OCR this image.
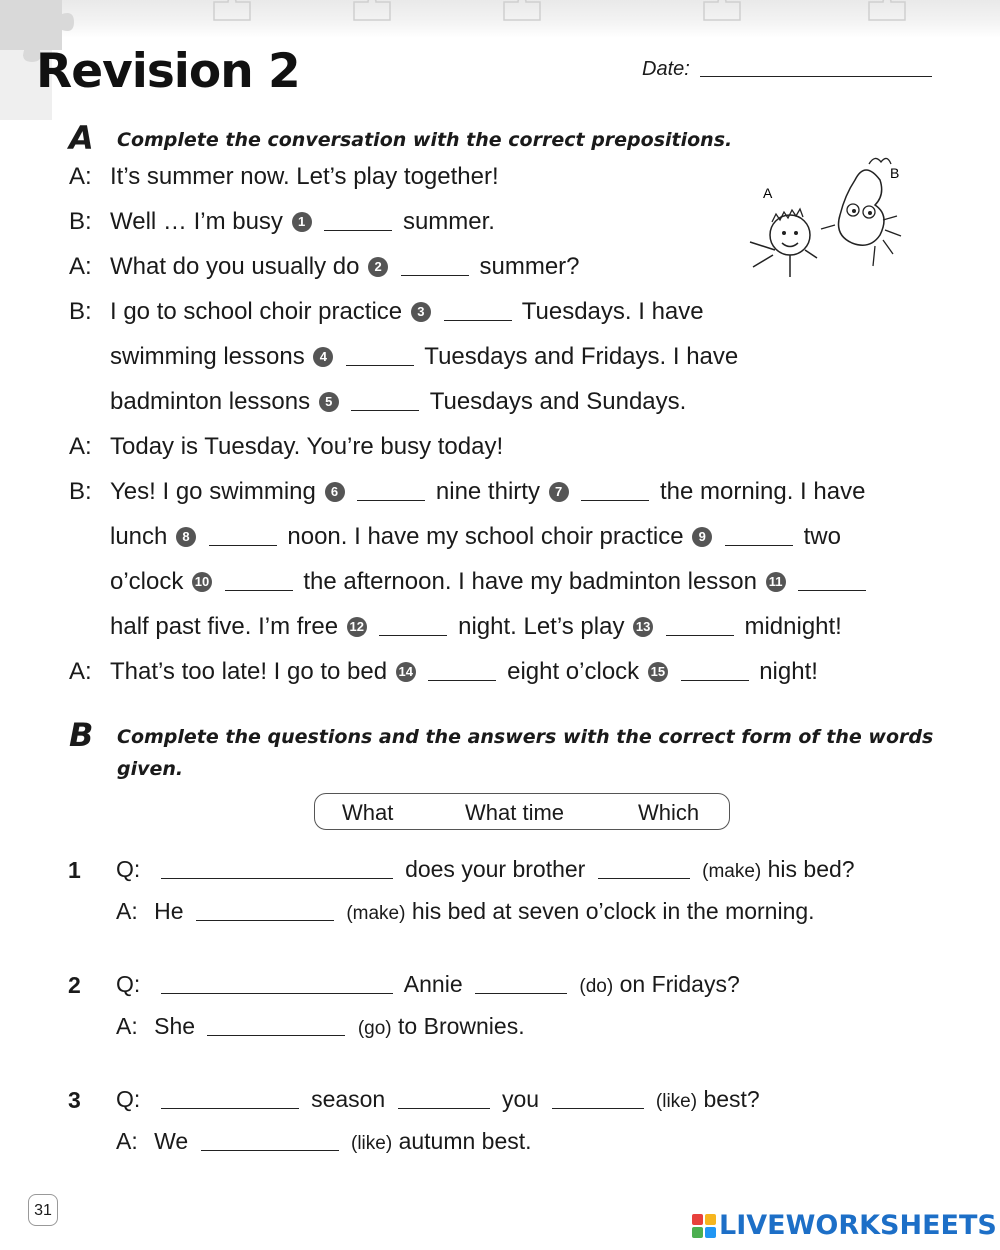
Revision 2	Date:
A Complete the conversation with the correct prepositions.
A
B
A: It’s summer now. Let’s play together!
B: Well … I’m busy 1	summer.
A: What do you usually do 2	summer?
B: I go to school choir practice 3	Tuesdays. I have
swimming lessons 4	Tuesdays and Fridays. I have
badminton lessons 5	Tuesdays and Sundays.
A: Today is Tuesday. You’re busy today!
B: Yes! I go swimming 6	nine thirty 7	the morning. I have
lunch 8	noon. I have my school choir practice 9	two
o’clock 10	the afternoon. I have my badminton lesson 11
half past five. I’m free 12	night. Let’s play 13	midnight!
A: That’s too late! I go to bed 14	eight o’clock 15	night!
B Complete the questions and the answers with the correct form of the words
given.
What	What time	Which
1 Q:	does your brother	(make) his bed?
A: He	(make) his bed at seven o’clock in the morning.
2 Q:	Annie	(do) on Fridays?
A: She	(go) to Brownies.
3 Q:	season	you	(like) best?
A: We	(like) autumn best.
31	LIVEWORKSHEETS
